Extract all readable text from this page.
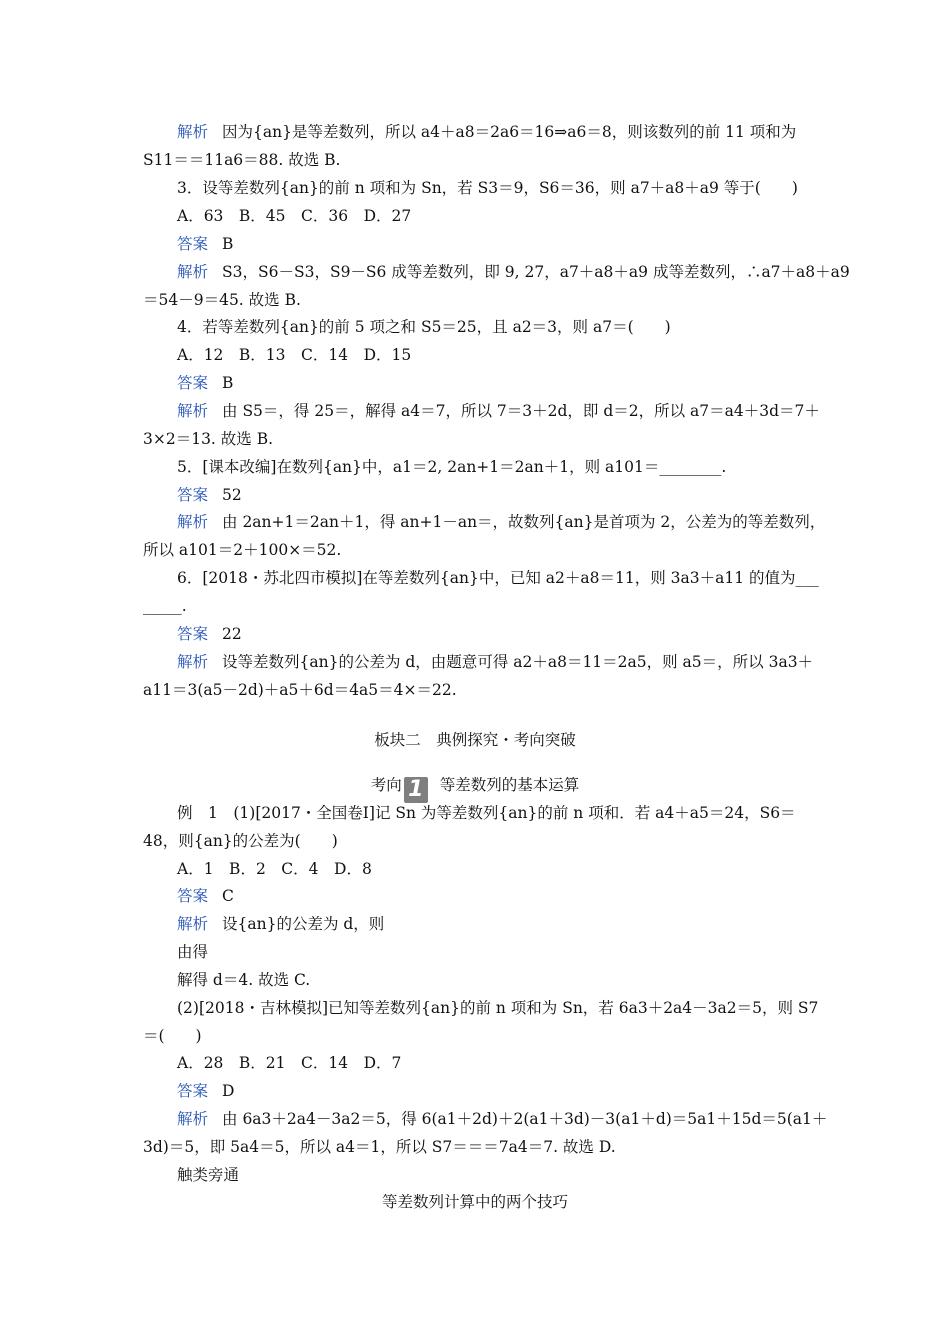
解析 因为{an}是等差数列，所以 a4＋a8＝2a6＝16⇒a6＝8，则该数列的前 11 项和为
S11＝＝11a6＝88. 故选 B.
3．设等差数列{an}的前 n 项和为 Sn，若 S3＝9，S6＝36，则 a7＋a8＋a9 等于(　　)
A．63　B．45　C．36　D．27
答案 B
解析 S3，S6－S3，S9－S6 成等差数列，即 9, 27，a7＋a8＋a9 成等差数列，∴a7＋a8＋a9
＝54－9＝45. 故选 B.
4．若等差数列{an}的前 5 项之和 S5＝25，且 a2＝3，则 a7＝(　　)
A．12　B．13　C．14　D．15
答案 B
解析 由 S5＝，得 25＝，解得 a4＝7，所以 7＝3＋2d，即 d＝2，所以 a7＝a4＋3d＝7＋
3×2＝13. 故选 B.
5．[课本改编]在数列{an}中，a1＝2, 2an+1＝2an＋1，则 a101＝________.
答案 52
解析 由 2an+1＝2an＋1，得 an+1－an＝，故数列{an}是首项为 2，公差为的等差数列，
所以 a101＝2＋100×＝52.
6．[2018・苏北四市模拟]在等差数列{an}中，已知 a2＋a8＝11，则 3a3＋a11 的值为___
_____.
答案 22
解析 设等差数列{an}的公差为 d，由题意可得 a2＋a8＝11＝2a5，则 a5＝，所以 3a3＋
a11＝3(a5－2d)＋a5＋6d＝4a5＝4×＝22.
板块二　典例探究・考向突破
考向 1 等差数列的基本运算
例　1　(1)[2017・全国卷Ⅰ]记 Sn 为等差数列{an}的前 n 项和．若 a4＋a5＝24，S6＝
48，则{an}的公差为(　　)
A．1　B．2　C．4　D．8
答案 C
解析 设{an}的公差为 d，则
由得
解得 d＝4. 故选 C.
(2)[2018・吉林模拟]已知等差数列{an}的前 n 项和为 Sn，若 6a3＋2a4－3a2＝5，则 S7
＝(　　)
A．28　B．21　C．14　D．7
答案 D
解析 由 6a3＋2a4－3a2＝5，得 6(a1＋2d)＋2(a1＋3d)－3(a1＋d)＝5a1＋15d＝5(a1＋
3d)＝5，即 5a4＝5，所以 a4＝1，所以 S7＝＝＝7a4＝7. 故选 D.
触类旁通
等差数列计算中的两个技巧
